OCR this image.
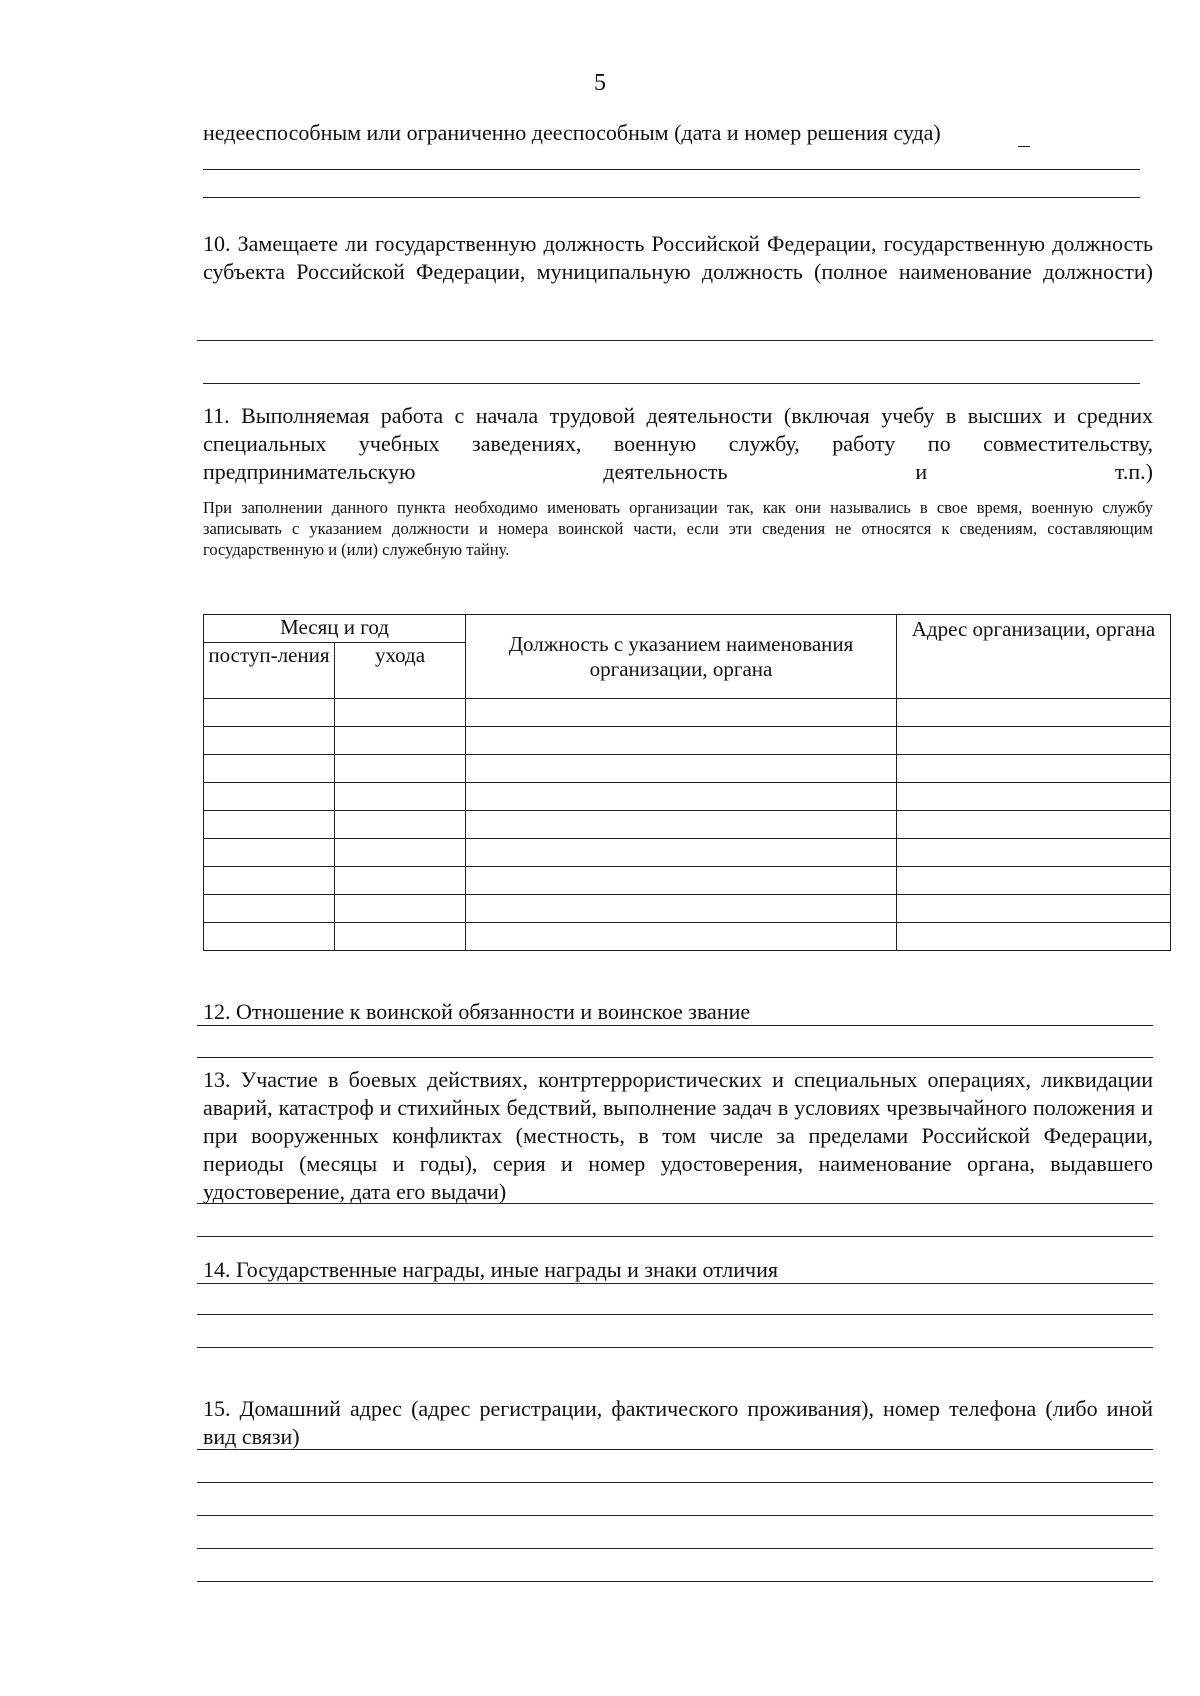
5
недееспособным или ограниченно дееспособным (дата и номер решения суда)
10. Замещаете ли государственную должность Российской Федерации, государственную должность субъекта Российской Федерации, муниципальную должность (полное наименование должности)
11. Выполняемая работа с начала трудовой деятельности (включая учебу в высших и средних специальных учебных заведениях, военную службу, работу по совместительству, предпринимательскую деятельность и т.п.)
При заполнении данного пункта необходимо именовать организации так, как они назывались в свое время, военную службу записывать с указанием должности и номера воинской части, если эти сведения не относятся к сведениям, составляющим государственную и (или) служебную тайну.
Месяц и год		Должность с указанием наименования организации, органа	Адрес организации, органа
поступ-ления	ухода		

12. Отношение к воинской обязанности и воинское звание
13. Участие в боевых действиях, контртеррористических и специальных операциях, ликвидации аварий, катастроф и стихийных бедствий, выполнение задач в условиях чрезвычайного положения и при вооруженных конфликтах (местность, в том числе за пределами Российской Федерации, периоды (месяцы и годы), серия и номер удостоверения, наименование органа, выдавшего удостоверение, дата его выдачи)
14. Государственные награды, иные награды и знаки отличия
15. Домашний адрес (адрес регистрации, фактического проживания), номер телефона (либо иной вид связи)
